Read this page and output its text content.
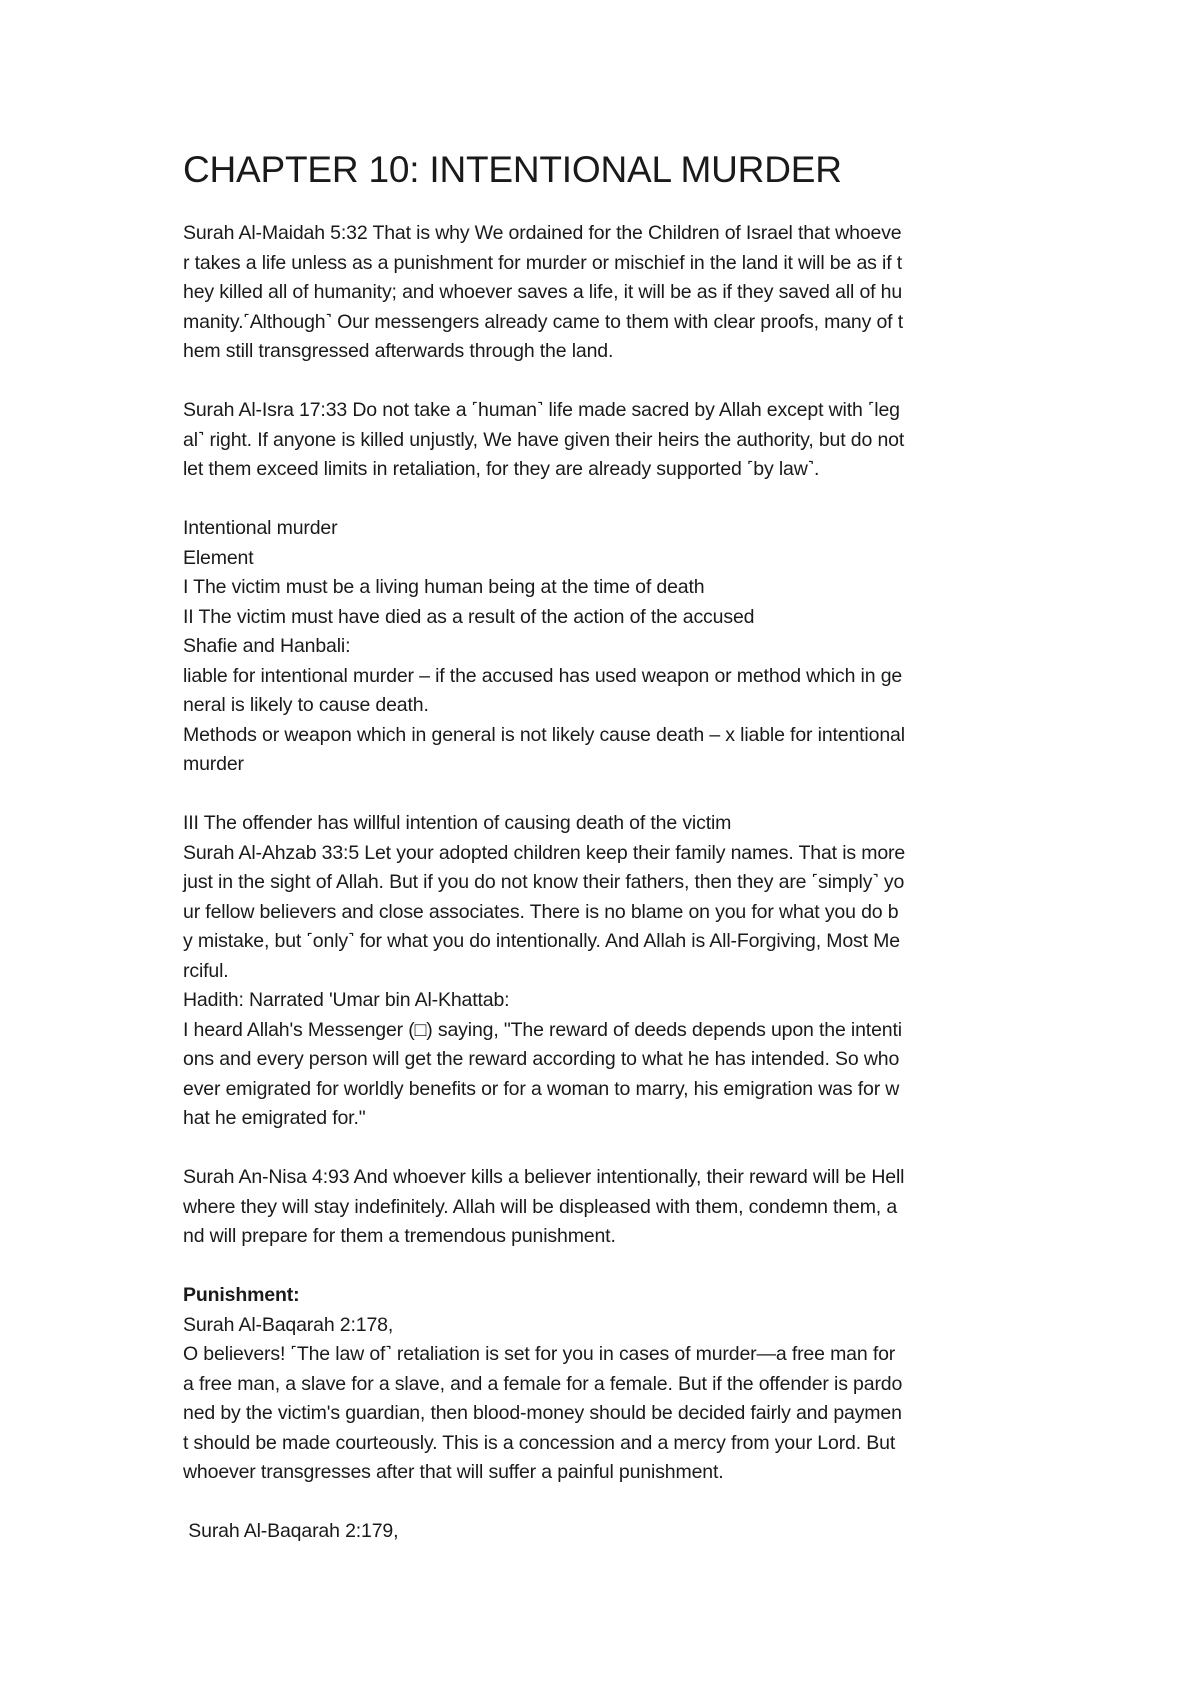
CHAPTER 10: INTENTIONAL MURDER
Surah Al-Maidah 5:32 That is why We ordained for the Children of Israel that whoeve
r takes a life unless as a punishment for murder or mischief in the land it will be as if t
hey killed all of humanity; and whoever saves a life, it will be as if they saved all of hu
manity.˹Although˺ Our messengers already came to them with clear proofs, many of t
hem still transgressed afterwards through the land.
Surah Al-Isra 17:33 Do not take a ˹human˺ life made sacred by Allah except with ˹leg
al˺ right. If anyone is killed unjustly, We have given their heirs the authority, but do not
let them exceed limits in retaliation, for they are already supported ˹by law˺.
Intentional murder
Element
I The victim must be a living human being at the time of death
II The victim must have died as a result of the action of the accused
Shafie and Hanbali:
liable for intentional murder – if the accused has used weapon or method which in ge
neral is likely to cause death.
Methods or weapon which in general is not likely cause death – x liable for intentional
murder
III The offender has willful intention of causing death of the victim
Surah Al-Ahzab 33:5 Let your adopted children keep their family names. That is more
just in the sight of Allah. But if you do not know their fathers, then they are ˹simply˺ yo
ur fellow believers and close associates. There is no blame on you for what you do b
y mistake, but ˹only˺ for what you do intentionally. And Allah is All-Forgiving, Most Me
rciful.
Hadith: Narrated 'Umar bin Al-Khattab:
I heard Allah's Messenger (□) saying, "The reward of deeds depends upon the intenti
ons and every person will get the reward according to what he has intended. So who
ever emigrated for worldly benefits or for a woman to marry, his emigration was for w
hat he emigrated for."
Surah An-Nisa 4:93 And whoever kills a believer intentionally, their reward will be Hell
where they will stay indefinitely. Allah will be displeased with them, condemn them, a
nd will prepare for them a tremendous punishment.
Punishment:
Surah Al-Baqarah 2:178,
O believers! ˹The law of˺ retaliation is set for you in cases of murder—a free man for
a free man, a slave for a slave, and a female for a female. But if the offender is pardo
ned by the victim's guardian, then blood-money should be decided fairly and paymen
t should be made courteously. This is a concession and a mercy from your Lord. But
whoever transgresses after that will suffer a painful punishment.
Surah Al-Baqarah 2:179,
